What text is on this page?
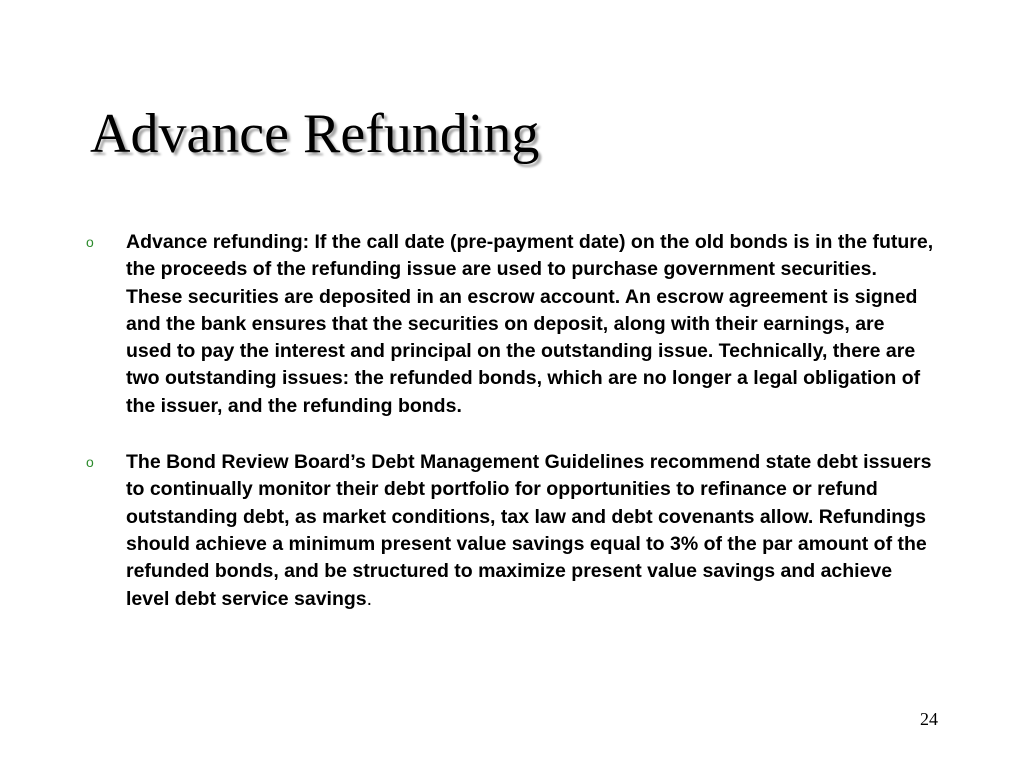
Advance Refunding
o Advance refunding: If the call date (pre-payment date) on the old bonds is in the future, the proceeds of the refunding issue are used to purchase government securities. These securities are deposited in an escrow account. An escrow agreement is signed and the bank ensures that the securities on deposit, along with their earnings, are used to pay the interest and principal on the outstanding issue. Technically, there are two outstanding issues: the refunded bonds, which are no longer a legal obligation of the issuer, and the refunding bonds.
o The Bond Review Board’s Debt Management Guidelines recommend state debt issuers to continually monitor their debt portfolio for opportunities to refinance or refund outstanding debt, as market conditions, tax law and debt covenants allow. Refundings should achieve a minimum present value savings equal to 3% of the par amount of the refunded bonds, and be structured to maximize present value savings and achieve level debt service savings.
24
